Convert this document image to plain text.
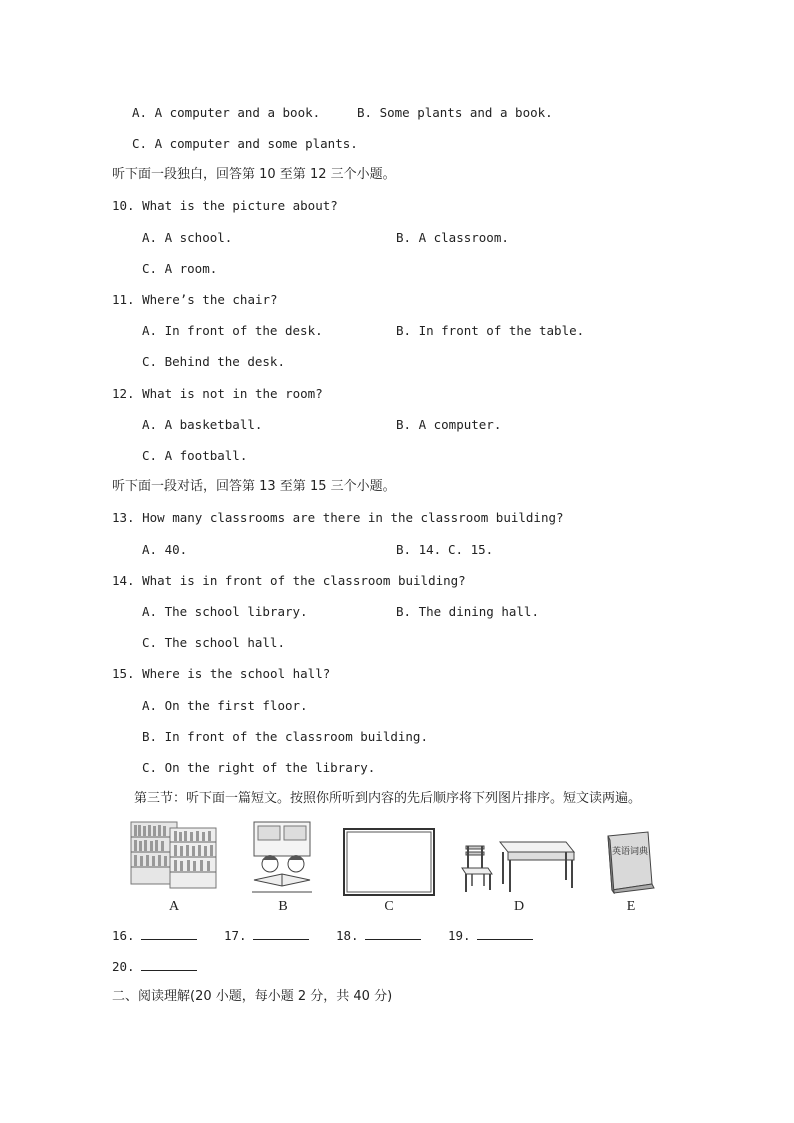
A. A computer and a book.	B. Some plants and a book.
C. A computer and some plants.
听下面一段独白，回答第 10 至第 12 三个小题。
10. What is the picture about?
A. A school.	B. A classroom.
C. A room.
11. Where’s the chair?
A. In front of the desk.	B. In front of the table.
C. Behind the desk.
12. What is not in the room?
A. A basketball.	B. A computer.
C. A football.
听下面一段对话，回答第 13 至第 15 三个小题。
13. How many classrooms are there in the classroom building?
A. 40.	B. 14. C. 15.
14. What is in front of the classroom building?
A. The school library.	B. The dining hall.
C. The school hall.
15. Where is the school hall?
A. On the first floor.
B. In front of the classroom building.
C. On the right of the library.
第三节：听下面一篇短文。按照你所听到内容的先后顺序将下列图片排序。短文读两遍。
A	B	C	D
英语词典
E
16.	17.	18.	19.
20.
二、阅读理解(20 小题，每小题 2 分，共 40 分)
